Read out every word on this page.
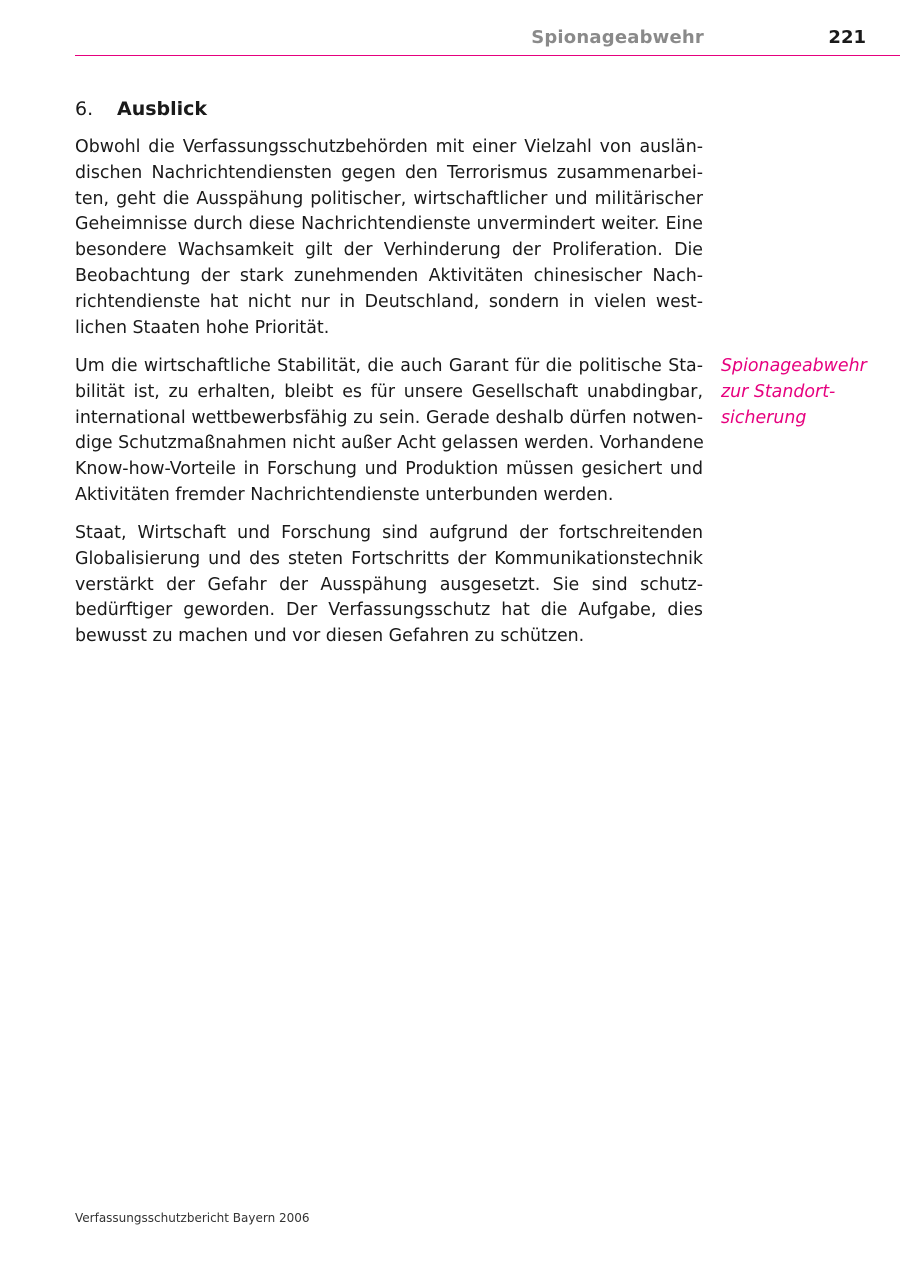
Spionageabwehr	221
6. Ausblick

Obwohl die Verfassungsschutzbehörden mit einer Vielzahl von auslän-
dischen Nachrichtendiensten gegen den Terrorismus zusammenarbei-
ten, geht die Ausspähung politischer, wirtschaftlicher und militärischer
Geheimnisse durch diese Nachrichtendienste unvermindert weiter. Eine
besondere Wachsamkeit gilt der Verhinderung der Proliferation. Die
Beobachtung der stark zunehmenden Aktivitäten chinesischer Nach-
richtendienste hat nicht nur in Deutschland, sondern in vielen west-
lichen Staaten hohe Priorität.

Um die wirtschaftliche Stabilität, die auch Garant für die politische Sta-
bilität ist, zu erhalten, bleibt es für unsere Gesellschaft unabdingbar,
international wettbewerbsfähig zu sein. Gerade deshalb dürfen notwen-
dige Schutzmaßnahmen nicht außer Acht gelassen werden. Vorhandene
Know-how-Vorteile in Forschung und Produktion müssen gesichert und
Aktivitäten fremder Nachrichtendienste unterbunden werden.

Spionageabwehr
zur Standort-
sicherung

Staat, Wirtschaft und Forschung sind aufgrund der fortschreitenden
Globalisierung und des steten Fortschritts der Kommunikationstechnik
verstärkt der Gefahr der Ausspähung ausgesetzt. Sie sind schutz-
bedürftiger geworden. Der Verfassungsschutz hat die Aufgabe, dies
bewusst zu machen und vor diesen Gefahren zu schützen.

Verfassungsschutzbericht Bayern 2006
